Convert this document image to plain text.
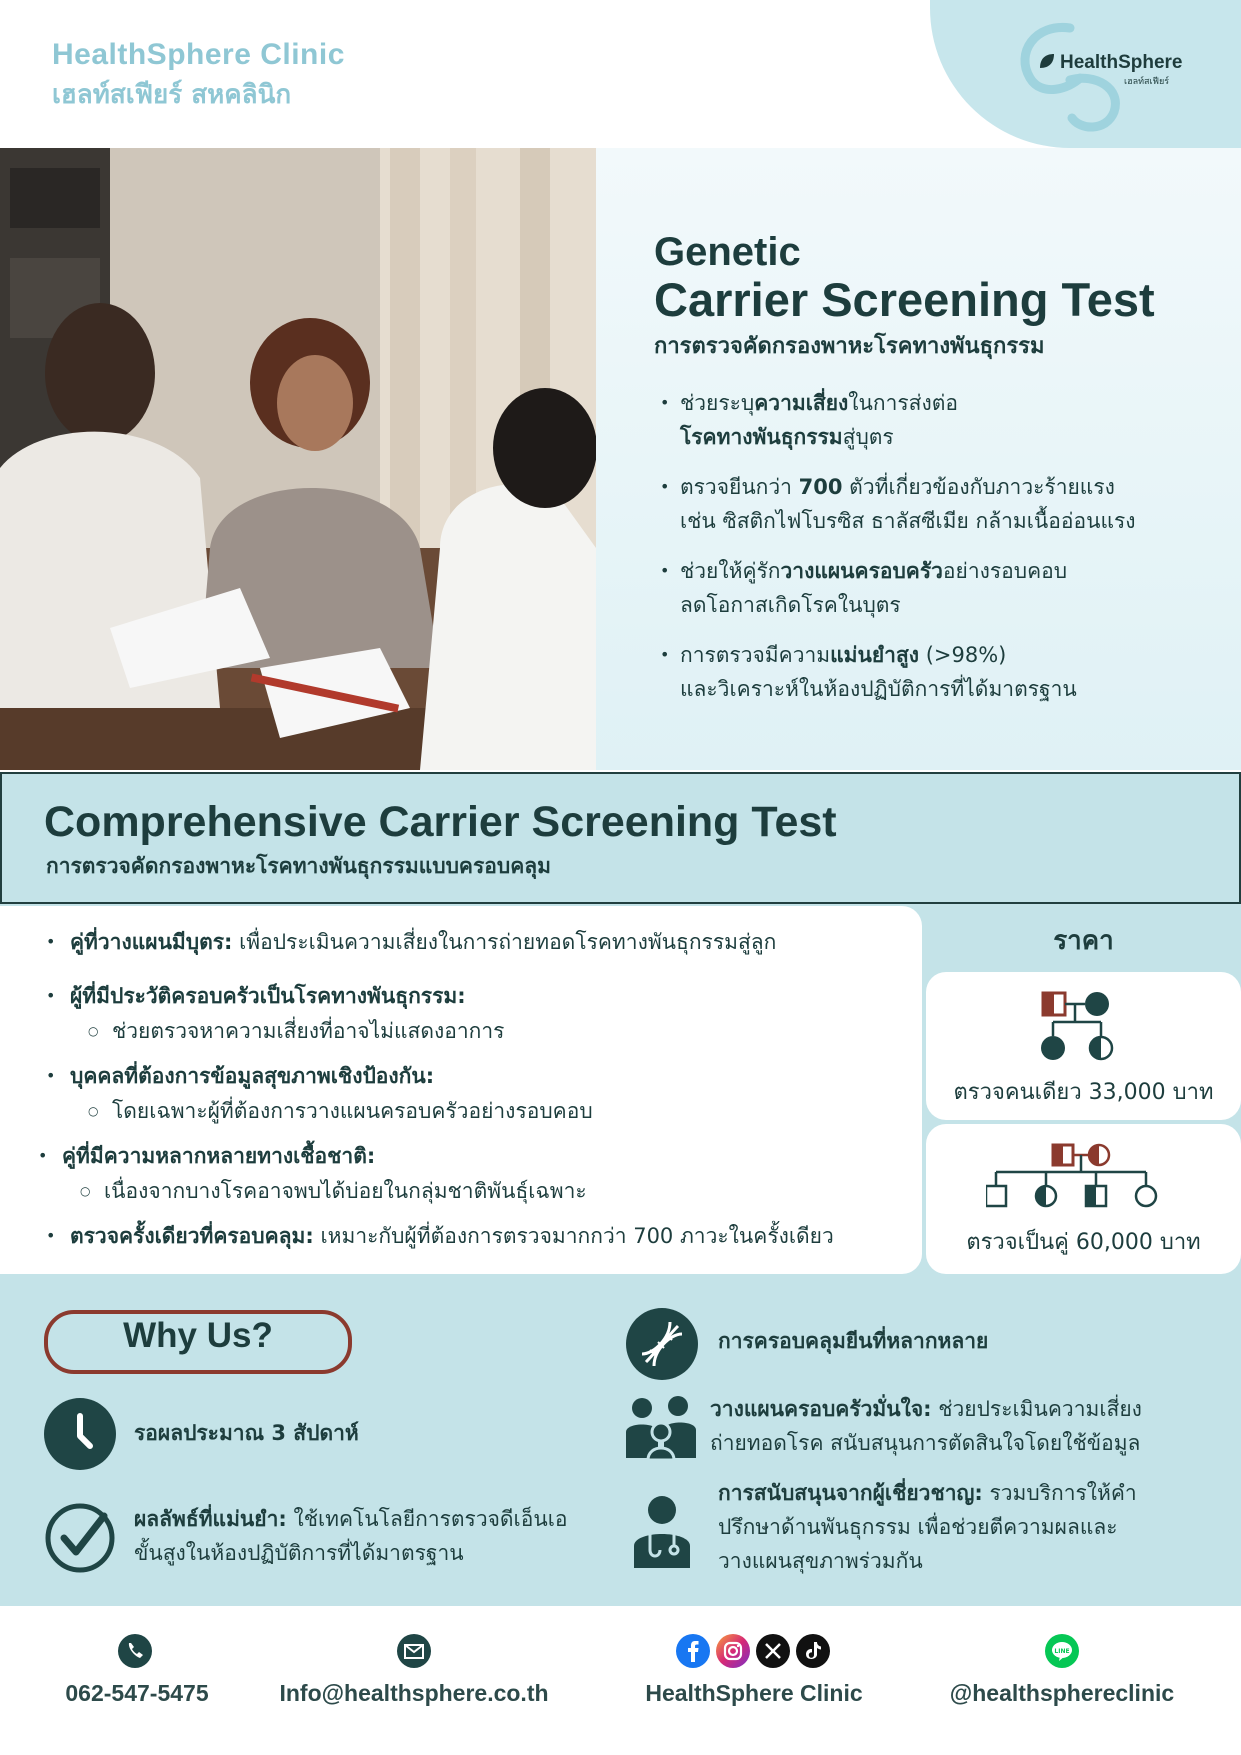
HealthSphere Clinic
เฮลท์สเฟียร์ สหคลินิก
HealthSphere
เฮลท์สเฟียร์
Genetic
Carrier Screening Test
การตรวจคัดกรองพาหะโรคทางพันธุกรรม
• ช่วยระบุความเสี่ยงในการส่งต่อ
โรคทางพันธุกรรมสู่บุตร
• ตรวจยีนกว่า 700 ตัวที่เกี่ยวข้องกับภาวะร้ายแรง
เช่น ซิสติกไฟโบรซิส ธาลัสซีเมีย กล้ามเนื้ออ่อนแรง
• ช่วยให้คู่รักวางแผนครอบครัวอย่างรอบคอบ
ลดโอกาสเกิดโรคในบุตร
• การตรวจมีความแม่นยำสูง (>98%)
และวิเคราะห์ในห้องปฏิบัติการที่ได้มาตรฐาน
Comprehensive Carrier Screening Test
การตรวจคัดกรองพาหะโรคทางพันธุกรรมแบบครอบคลุม
• คู่ที่วางแผนมีบุตร: เพื่อประเมินความเสี่ยงในการถ่ายทอดโรคทางพันธุกรรมสู่ลูก
• ผู้ที่มีประวัติครอบครัวเป็นโรคทางพันธุกรรม:
○ ช่วยตรวจหาความเสี่ยงที่อาจไม่แสดงอาการ
• บุคคลที่ต้องการข้อมูลสุขภาพเชิงป้องกัน:
○ โดยเฉพาะผู้ที่ต้องการวางแผนครอบครัวอย่างรอบคอบ
• คู่ที่มีความหลากหลายทางเชื้อชาติ:
○ เนื่องจากบางโรคอาจพบได้บ่อยในกลุ่มชาติพันธุ์เฉพาะ
• ตรวจครั้งเดียวที่ครอบคลุม: เหมาะกับผู้ที่ต้องการตรวจมากกว่า 700 ภาวะในครั้งเดียว
ราคา
ตรวจคนเดียว 33,000 บาท
ตรวจเป็นคู่ 60,000 บาท
Why Us?
รอผลประมาณ 3 สัปดาห์
ผลลัพธ์ที่แม่นยำ: ใช้เทคโนโลยีการตรวจดีเอ็นเอ
ขั้นสูงในห้องปฏิบัติการที่ได้มาตรฐาน
การครอบคลุมยีนที่หลากหลาย
วางแผนครอบครัวมั่นใจ: ช่วยประเมินความเสี่ยง
ถ่ายทอดโรค สนับสนุนการตัดสินใจโดยใช้ข้อมูล
การสนับสนุนจากผู้เชี่ยวชาญ: รวมบริการให้คำ
ปรึกษาด้านพันธุกรรม เพื่อช่วยตีความผลและ
วางแผนสุขภาพร่วมกัน
062-547-5475	Info@healthsphere.co.th	HealthSphere Clinic
LINE
@healthsphereclinic
